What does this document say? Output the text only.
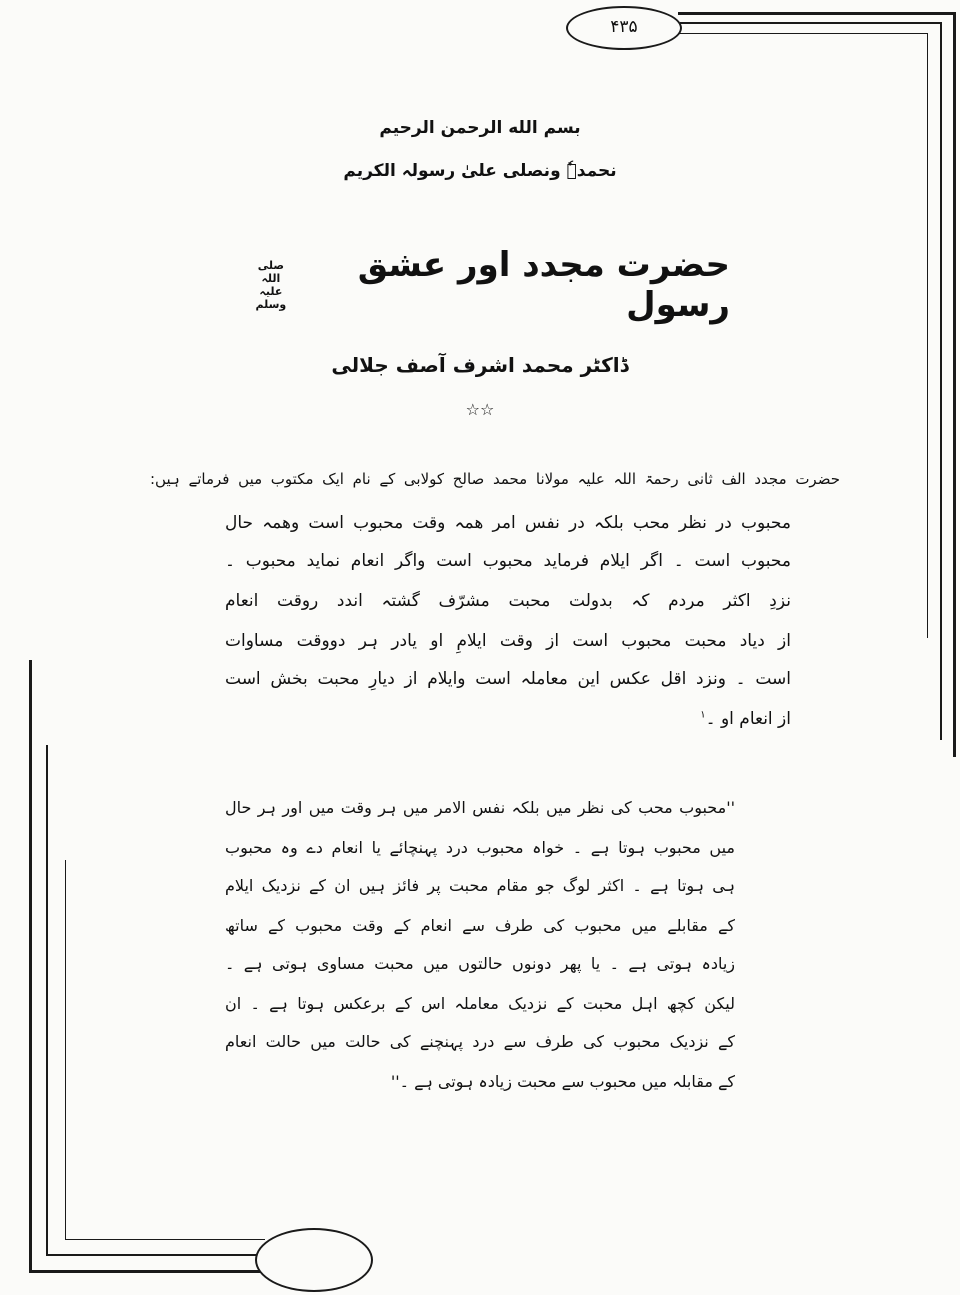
۴۳۵
بسم الله الرحمن الرحیم
نحمدہٗ ونصلی علیٰ رسولہ الکریم
حضرت مجدد اور عشق رسول
صلی اللہ علیہ وسلم
ڈاکٹر محمد اشرف آصف جلالی
☆☆
حضرت مجدد الف ثانی رحمۃ اللہ علیہ مولانا محمد صالح کولابی کے نام ایک مکتوب میں فرماتے ہیں:
محبوب در نظر محب بلکہ در نفس امر ھمہ وقت محبوب است وھمہ حال
محبوب است ۔ اگر ایلام فرماید محبوب است واگر انعام نماید محبوب ۔
نزدِ اکثر مردم کہ بدولت محبت مشرّف گشتہ اندد روقت انعام
از دیاد محبت محبوب است از وقت ایلامِ او یادر ہر دووقت مساوات
است ۔ ونزد اقل عکس این معاملہ است وایلام از دیارِ محبت بخش است
از انعام او ۔$^۱$
''محبوب محب کی نظر میں بلکہ نفس الامر میں ہر وقت میں اور ہر حال
میں محبوب ہوتا ہے ۔ خواہ محبوب درد پہنچائے یا انعام دے وہ محبوب
ہی ہوتا ہے ۔ اکثر لوگ جو مقام محبت پر فائز ہیں ان کے نزدیک ایلام
کے مقابلے میں محبوب کی طرف سے انعام کے وقت محبوب کے ساتھ
زیادہ ہوتی ہے ۔ یا پھر دونوں حالتوں میں محبت مساوی ہوتی ہے ۔
لیکن کچھ اہل محبت کے نزدیک معاملہ اس کے برعکس ہوتا ہے ۔ ان
کے نزدیک محبوب کی طرف سے درد پہنچنے کی حالت میں حالت انعام
کے مقابلہ میں محبوب سے محبت زیادہ ہوتی ہے ۔''
